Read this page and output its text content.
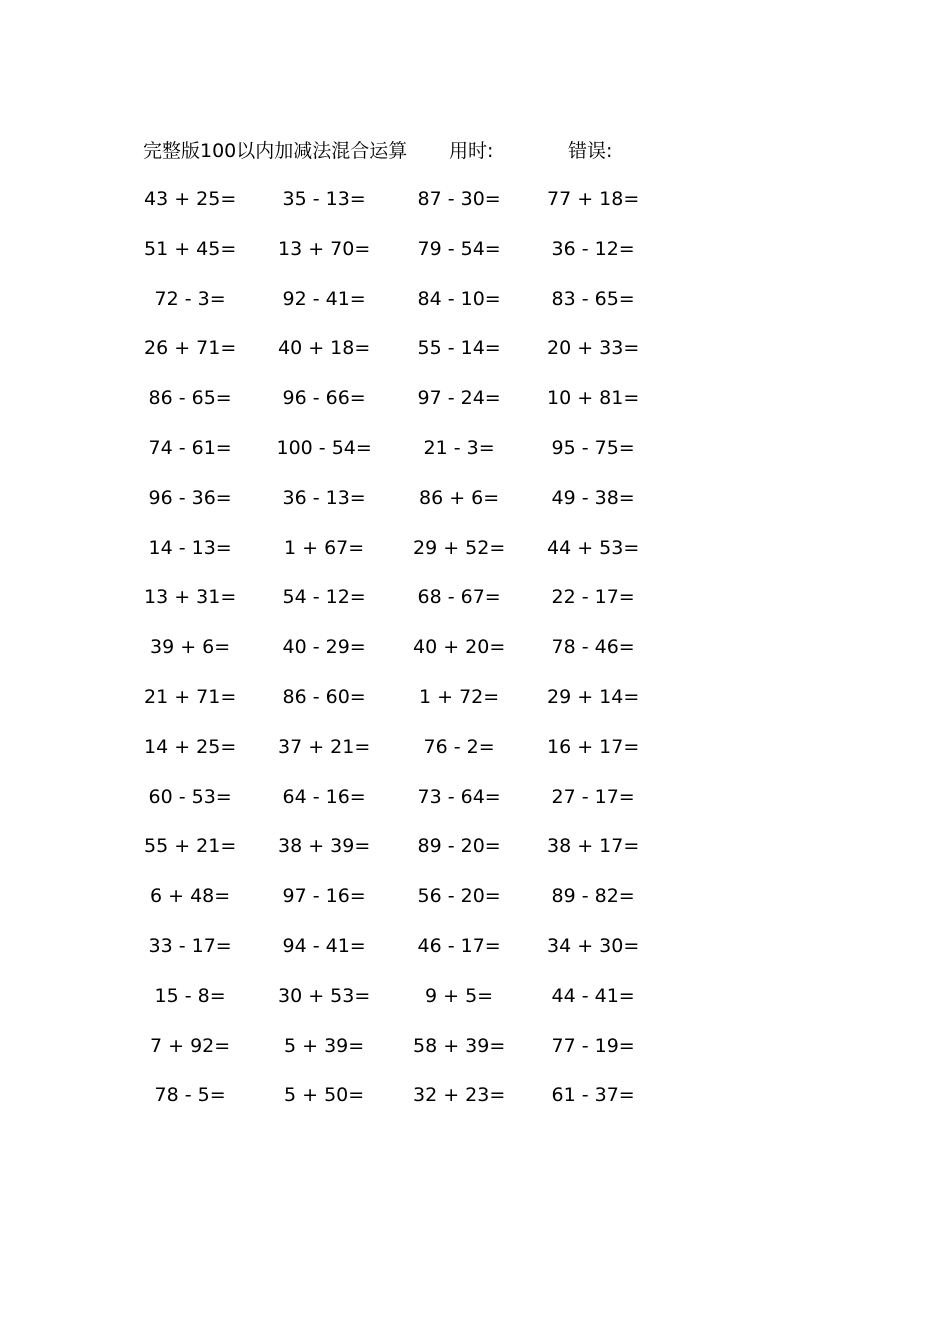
完整版100以内加减法混合运算 用时:	错误:
43 + 25= 35 - 13=	87 - 30= 77 + 18=
51 + 45= 13 + 70= 79 - 54=	36 - 12=
72 - 3=	92 - 41=	84 - 10=	83 - 65=
26 + 71= 40 + 18= 55 - 14= 20 + 33=
86 - 65=	96 - 66=	97 - 24= 10 + 81=
74 - 61= 100 - 54=	21 - 3=	95 - 75=
96 - 36=	36 - 13=	86 + 6=	49 - 38=
14 - 13=	1 + 67=	29 + 52= 44 + 53=
13 + 31= 54 - 12=	68 - 67=	22 - 17=
39 + 6=	40 - 29= 40 + 20= 78 - 46=
21 + 71= 86 - 60=	1 + 72=	29 + 14=
14 + 25= 37 + 21=	76 - 2=	16 + 17=
60 - 53=	64 - 16=	73 - 64=	27 - 17=
55 + 21= 38 + 39= 89 - 20= 38 + 17=
6 + 48=	97 - 16=	56 - 20=	89 - 82=
33 - 17=	94 - 41=	46 - 17= 34 + 30=
15 - 8=	30 + 53=	9 + 5=	44 - 41=
7 + 92=	5 + 39=	58 + 39= 77 - 19=
78 - 5=	5 + 50=	32 + 23= 61 - 37=
